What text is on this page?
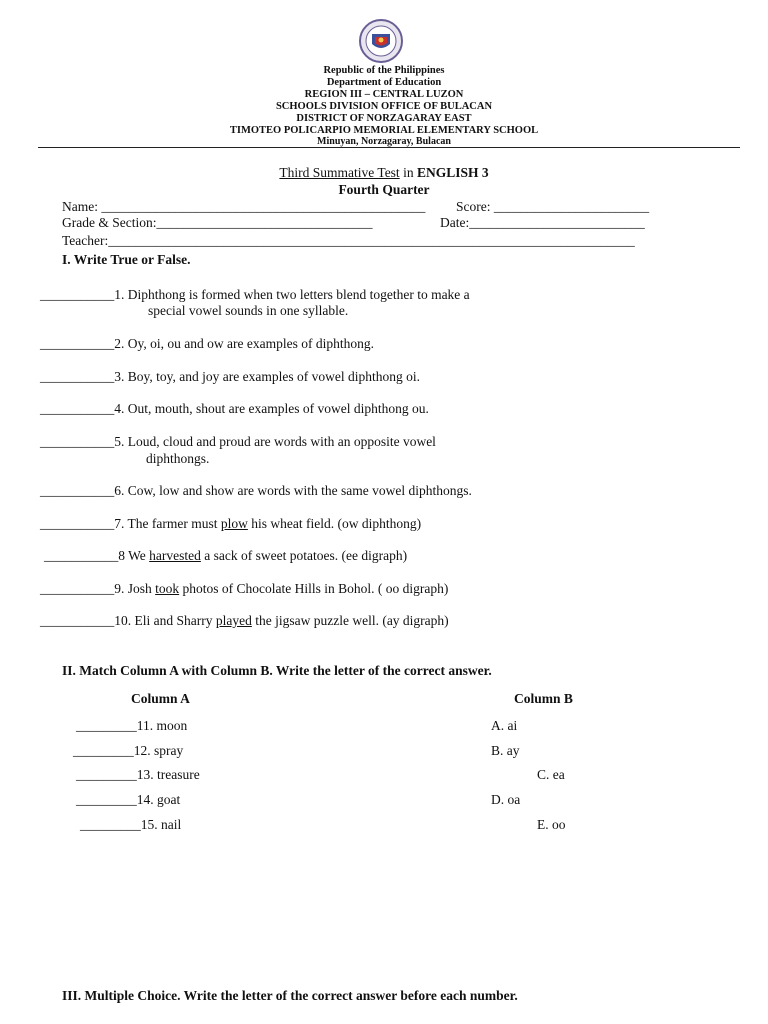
Republic of the Philippines
Department of Education
REGION III – CENTRAL LUZON
SCHOOLS DIVISION OFFICE OF BULACAN
DISTRICT OF NORZAGARAY EAST
TIMOTEO POLICARPIO MEMORIAL ELEMENTARY SCHOOL
Minuyan, Norzagaray, Bulacan
Third Summative Test in ENGLISH 3
Fourth Quarter
Name: ________________________________________________ Score: _______________________
Grade & Section:________________________________	Date:__________________________
Teacher:______________________________________________________________________________
I. Write True or False.
___________1. Diphthong is formed when two letters blend together to make a
special vowel sounds in one syllable.
___________2. Oy, oi, ou and ow are examples of diphthong.
___________3. Boy, toy, and joy are examples of vowel diphthong oi.
___________4. Out, mouth, shout are examples of vowel diphthong ou.
___________5. Loud, cloud and proud are words with an opposite vowel
diphthongs.
___________6. Cow, low and show are words with the same vowel diphthongs.
___________7. The farmer must plow his wheat field. (ow diphthong)
___________8 We harvested a sack of sweet potatoes. (ee digraph)
___________9. Josh took photos of Chocolate Hills in Bohol. ( oo digraph)
___________10. Eli and Sharry played the jigsaw puzzle well. (ay digraph)
II. Match Column A with Column B. Write the letter of the correct answer.
Column A	Column B
_________11. moon
_________12. spray
_________13. treasure
_________14. goat
_________15. nail
A. ai
B. ay
C. ea
D. oa
E. oo
III. Multiple Choice. Write the letter of the correct answer before each number.
